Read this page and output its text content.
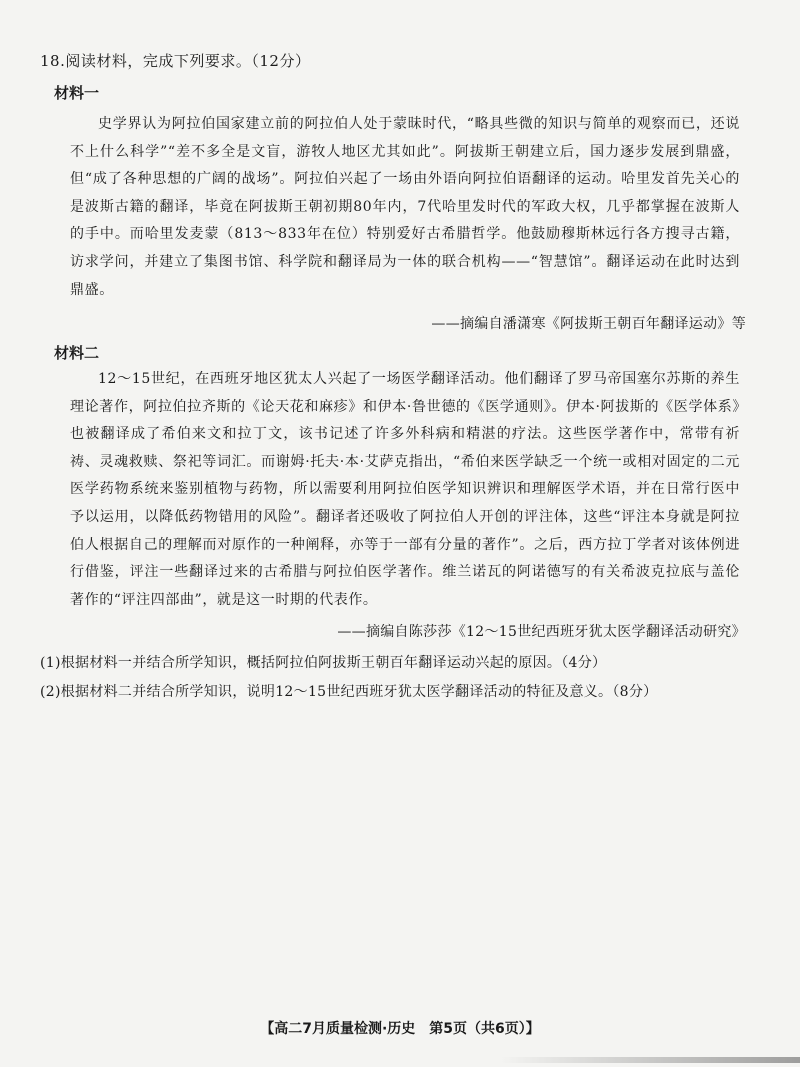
18.阅读材料，完成下列要求。（12分）
材料一

史学界认为阿拉伯国家建立前的阿拉伯人处于蒙昧时代，“略具些微的知识与简单的观察而已，还说不上什么科学”“差不多全是文盲，游牧人地区尤其如此”。阿拔斯王朝建立后，国力逐步发展到鼎盛，但“成了各种思想的广阔的战场”。阿拉伯兴起了一场由外语向阿拉伯语翻译的运动。哈里发首先关心的是波斯古籍的翻译，毕竟在阿拔斯王朝初期80年内，7代哈里发时代的军政大权，几乎都掌握在波斯人的手中。而哈里发麦蒙（813～833年在位）特别爱好古希腊哲学。他鼓励穆斯林远行各方搜寻古籍，访求学问，并建立了集图书馆、科学院和翻译局为一体的联合机构——“智慧馆”。翻译运动在此时达到鼎盛。

——摘编自潘潇寒《阿拔斯王朝百年翻译运动》等
材料二

12～15世纪，在西班牙地区犹太人兴起了一场医学翻译活动。他们翻译了罗马帝国塞尔苏斯的养生理论著作，阿拉伯拉齐斯的《论天花和麻疹》和伊本·鲁世德的《医学通则》。伊本·阿拔斯的《医学体系》也被翻译成了希伯来文和拉丁文，该书记述了许多外科病和精湛的疗法。这些医学著作中，常带有祈祷、灵魂救赎、祭祀等词汇。而谢姆·托夫·本·艾萨克指出，“希伯来医学缺乏一个统一或相对固定的二元医学药物系统来鉴别植物与药物，所以需要利用阿拉伯医学知识辨识和理解医学术语，并在日常行医中予以运用，以降低药物错用的风险”。翻译者还吸收了阿拉伯人开创的评注体，这些“评注本身就是阿拉伯人根据自己的理解而对原作的一种阐释，亦等于一部有分量的著作”。之后，西方拉丁学者对该体例进行借鉴，评注一些翻译过来的古希腊与阿拉伯医学著作。维兰诺瓦的阿诺德写的有关希波克拉底与盖伦著作的“评注四部曲”，就是这一时期的代表作。

——摘编自陈莎莎《12～15世纪西班牙犹太医学翻译活动研究》
(1)根据材料一并结合所学知识，概括阿拉伯阿拔斯王朝百年翻译运动兴起的原因。（4分）
(2)根据材料二并结合所学知识，说明12～15世纪西班牙犹太医学翻译活动的特征及意义。（8分）
【高二7月质量检测·历史　第5页（共6页）】
